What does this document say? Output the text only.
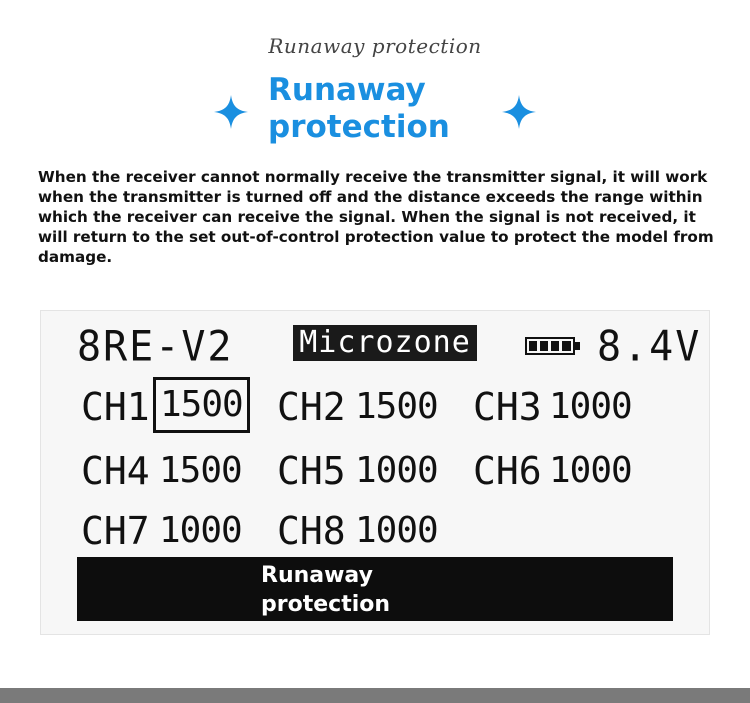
Runaway protection
Runaway
protection

When the receiver cannot normally receive the transmitter signal, it will work when the transmitter is turned off and the distance exceeds the range within which the receiver can receive the signal. When the signal is not received, it will return to the set out-of-control protection value to protect the model from damage.

8RE-V2 Microzone	8.4V
CH1 1500 CH2 1500 CH3 1000
CH4 1500 CH5 1000 CH6 1000
CH7 1000 CH8 1000
Runaway
protection
